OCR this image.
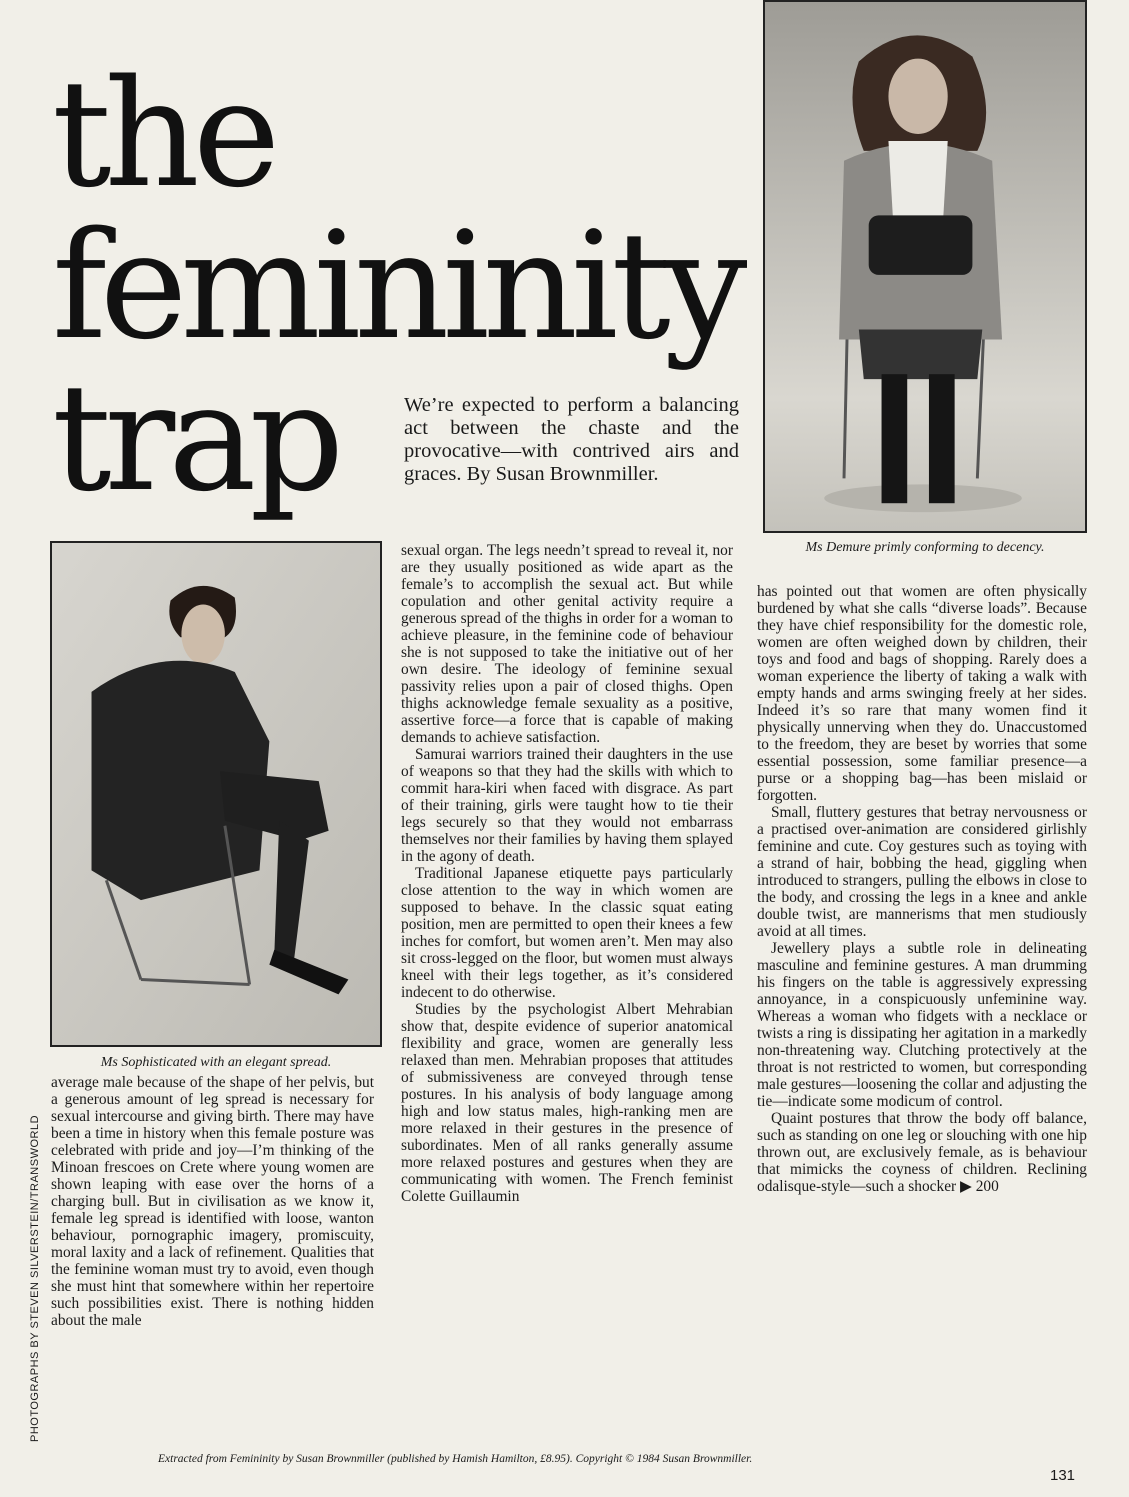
the
femininity
trap	We’re expected to perform a balancing act between the chaste and the provocative—with contrived airs and graces. By Susan Brownmiller.

Ms Demure primly conforming to decency.

Ms Sophisticated with an elegant spread.

PHOTOGRAPHS BY STEVEN SILVERSTEIN/TRANSWORLD

average male because of the shape of her pelvis, but a generous amount of leg spread is necessary for sexual intercourse and giving birth. There may have been a time in history when this female posture was celebrated with pride and joy—I’m thinking of the Minoan frescoes on Crete where young women are shown leaping with ease over the horns of a charging bull. But in civilisation as we know it, female leg spread is identified with loose, wanton behaviour, pornographic imagery, promiscuity, moral laxity and a lack of refinement. Qualities that the feminine woman must try to avoid, even though she must hint that somewhere within her repertoire such possibilities exist. There is nothing hidden about the male

sexual organ. The legs needn’t spread to reveal it, nor are they usually positioned as wide apart as the female’s to accomplish the sexual act. But while copulation and other genital activity require a generous spread of the thighs in order for a woman to achieve pleasure, in the feminine code of behaviour she is not supposed to take the initiative out of her own desire. The ideology of feminine sexual passivity relies upon a pair of closed thighs. Open thighs acknowledge female sexuality as a positive, assertive force—a force that is capable of making demands to achieve satisfaction.

Samurai warriors trained their daughters in the use of weapons so that they had the skills with which to commit hara-kiri when faced with disgrace. As part of their training, girls were taught how to tie their legs securely so that they would not embarrass themselves nor their families by having them splayed in the agony of death.

Traditional Japanese etiquette pays particularly close attention to the way in which women are supposed to behave. In the classic squat eating position, men are permitted to open their knees a few inches for comfort, but women aren’t. Men may also sit cross-legged on the floor, but women must always kneel with their legs together, as it’s considered indecent to do otherwise.

Studies by the psychologist Albert Mehrabian show that, despite evidence of superior anatomical flexibility and grace, women are generally less relaxed than men. Mehrabian proposes that attitudes of submissiveness are conveyed through tense postures. In his analysis of body language among high and low status males, high-ranking men are more relaxed in their gestures in the presence of subordinates. Men of all ranks generally assume more relaxed postures and gestures when they are communicating with women. The French feminist Colette Guillaumin

has pointed out that women are often physically burdened by what she calls “diverse loads”. Because they have chief responsibility for the domestic role, women are often weighed down by children, their toys and food and bags of shopping. Rarely does a woman experience the liberty of taking a walk with empty hands and arms swinging freely at her sides. Indeed it’s so rare that many women find it physically unnerving when they do. Unaccustomed to the freedom, they are beset by worries that some essential possession, some familiar presence—a purse or a shopping bag—has been mislaid or forgotten.

Small, fluttery gestures that betray nervousness or a practised over-animation are considered girlishly feminine and cute. Coy gestures such as toying with a strand of hair, bobbing the head, giggling when introduced to strangers, pulling the elbows in close to the body, and crossing the legs in a knee and ankle double twist, are mannerisms that men studiously avoid at all times.

Jewellery plays a subtle role in delineating masculine and feminine gestures. A man drumming his fingers on the table is aggressively expressing annoyance, in a conspicuously unfeminine way. Whereas a woman who fidgets with a necklace or twists a ring is dissipating her agitation in a markedly non-threatening way. Clutching protectively at the throat is not restricted to women, but corresponding male gestures—loosening the collar and adjusting the tie—indicate some modicum of control.

Quaint postures that throw the body off balance, such as standing on one leg or slouching with one hip thrown out, are exclusively female, as is behaviour that mimicks the coyness of children. Reclining odalisque-style—such a shocker ▶ 200

Extracted from Femininity by Susan Brownmiller (published by Hamish Hamilton, £8.95). Copyright © 1984 Susan Brownmiller.

131
